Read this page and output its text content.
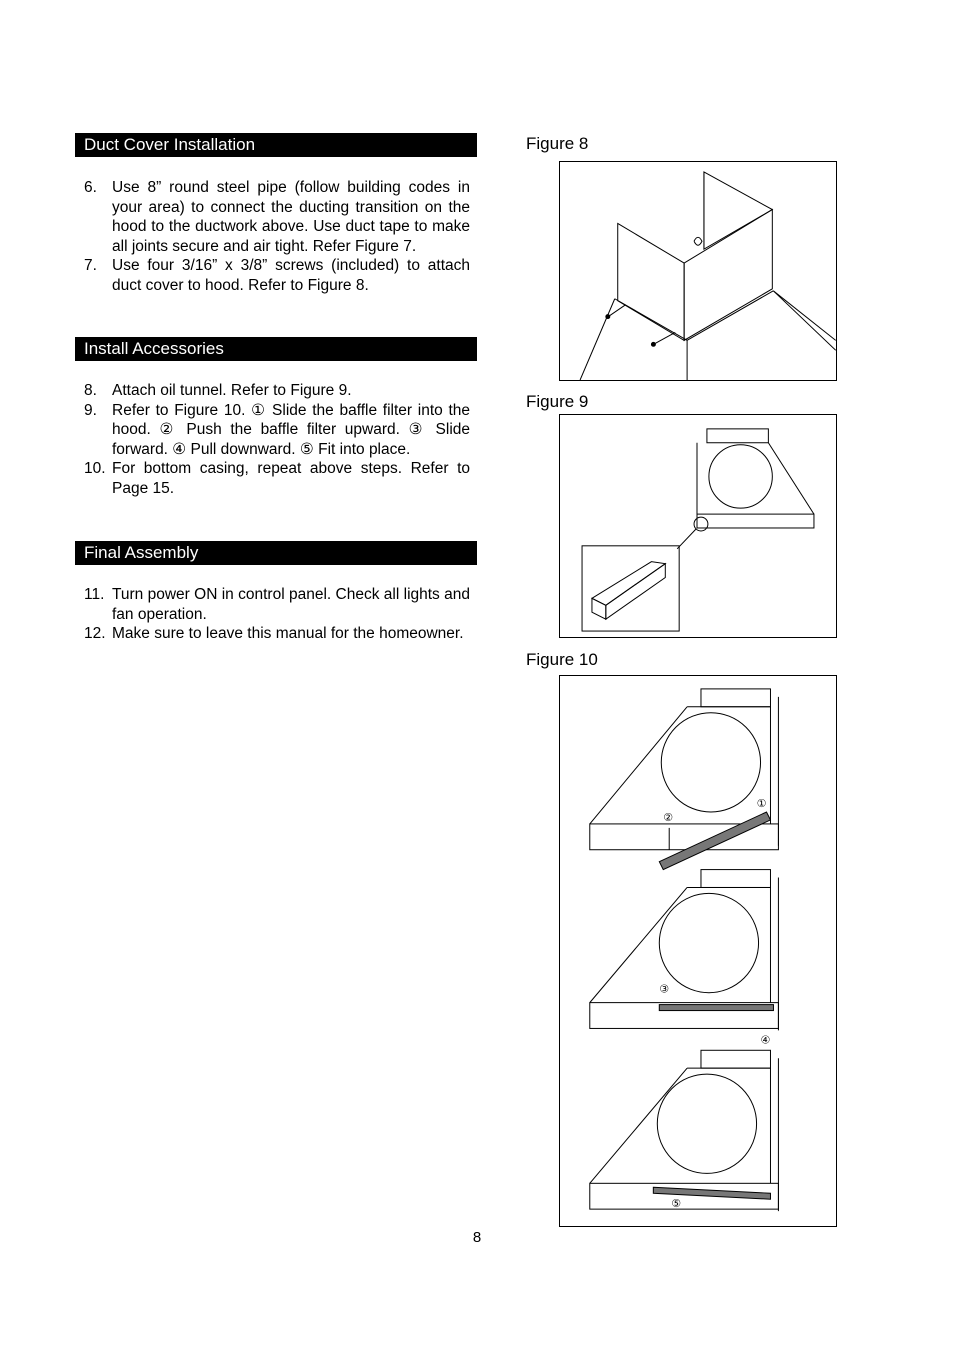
Duct Cover Installation
6. Use 8” round steel pipe (follow building codes in your area) to connect the ducting transition on the hood to the ductwork above. Use duct tape to make all joints secure and air tight. Refer Figure 7.
7. Use four 3/16” x 3/8” screws (included) to attach duct cover to hood. Refer to Figure 8.
Install Accessories
8. Attach oil tunnel. Refer to Figure 9.
9. Refer to Figure 10. ① Slide the baffle filter into the hood. ② Push the baffle filter upward. ③ Slide forward. ④ Pull downward. ⑤ Fit into place.
10. For bottom casing, repeat above steps. Refer to Page 15.
Final Assembly
11. Turn power ON in control panel. Check all lights and fan operation.
12. Make sure to leave this manual for the homeowner.
Figure 8
Figure 9
Figure 10
①
②
③
④
⑤
8
